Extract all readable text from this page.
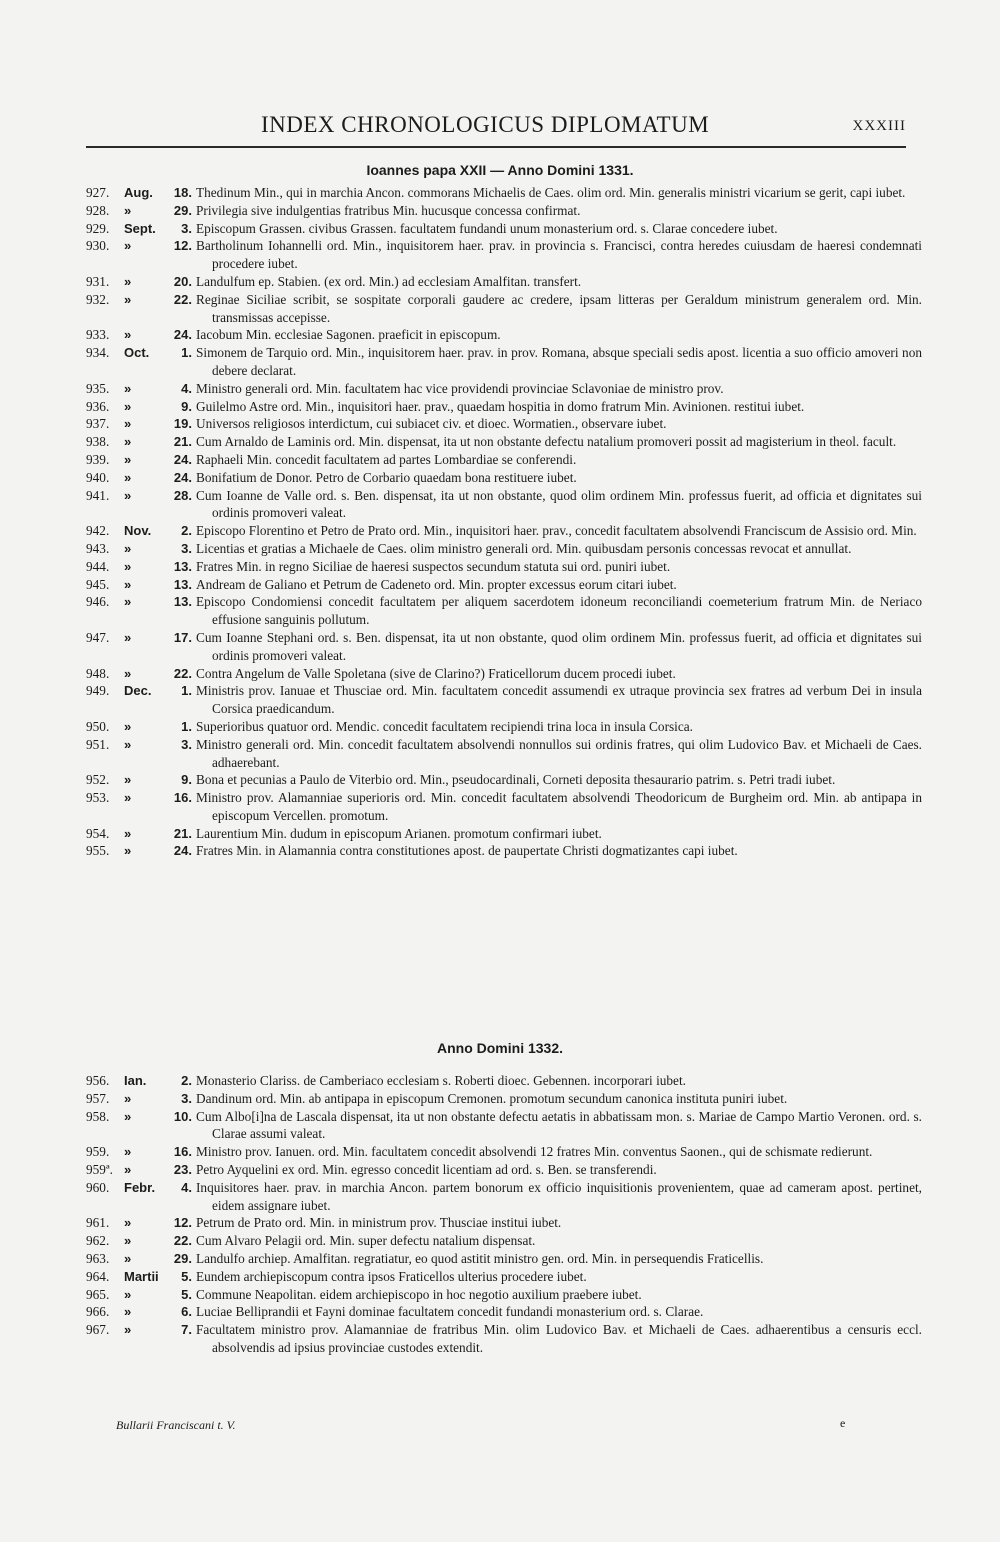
INDEX CHRONOLOGICUS DIPLOMATUM	XXXIII
Ioannes papa XXII — Anno Domini 1331.
927.	Aug.	18. Thedinum Min., qui in marchia Ancon. commorans Michaelis de Caes. olim ord. Min. generalis ministri vicarium se gerit, capi iubet.
928.	»	29. Privilegia sive indulgentias fratribus Min. hucusque concessa confirmat.
929.	Sept.	3. Episcopum Grassen. civibus Grassen. facultatem fundandi unum monasterium ord. s. Clarae concedere iubet.
930.	»	12. Bartholinum Iohannelli ord. Min., inquisitorem haer. prav. in provincia s. Francisci, contra heredes cuiusdam de haeresi condemnati procedere iubet.
931.	»	20. Landulfum ep. Stabien. (ex ord. Min.) ad ecclesiam Amalfitan. transfert.
932.	»	22. Reginae Siciliae scribit, se sospitate corporali gaudere ac credere, ipsam litteras per Geraldum ministrum generalem ord. Min. transmissas accepisse.
933.	»	24. Iacobum Min. ecclesiae Sagonen. praeficit in episcopum.
934.	Oct.	1. Simonem de Tarquio ord. Min., inquisitorem haer. prav. in prov. Romana, absque speciali sedis apost. licentia a suo officio amoveri non debere declarat.
935.	»	4. Ministro generali ord. Min. facultatem hac vice providendi provinciae Sclavoniae de ministro prov.
936.	»	9. Guilelmo Astre ord. Min., inquisitori haer. prav., quaedam hospitia in domo fratrum Min. Avinionen. restitui iubet.
937.	»	19. Universos religiosos interdictum, cui subiacet civ. et dioec. Wormatien., observare iubet.
938.	»	21. Cum Arnaldo de Laminis ord. Min. dispensat, ita ut non obstante defectu natalium promoveri possit ad magisterium in theol. facult.
939.	»	24. Raphaeli Min. concedit facultatem ad partes Lombardiae se conferendi.
940.	»	24. Bonifatium de Donor. Petro de Corbario quaedam bona restituere iubet.
941.	»	28. Cum Ioanne de Valle ord. s. Ben. dispensat, ita ut non obstante, quod olim ordinem Min. professus fuerit, ad officia et dignitates sui ordinis promoveri valeat.
942.	Nov.	2. Episcopo Florentino et Petro de Prato ord. Min., inquisitori haer. prav., concedit facultatem absolvendi Franciscum de Assisio ord. Min.
943.	»	3. Licentias et gratias a Michaele de Caes. olim ministro generali ord. Min. quibusdam personis concessas revocat et annullat.
944.	»	13. Fratres Min. in regno Siciliae de haeresi suspectos secundum statuta sui ord. puniri iubet.
945.	»	13. Andream de Galiano et Petrum de Cadeneto ord. Min. propter excessus eorum citari iubet.
946.	»	13. Episcopo Condomiensi concedit facultatem per aliquem sacerdotem idoneum reconciliandi coemeterium fratrum Min. de Neriaco effusione sanguinis pollutum.
947.	»	17. Cum Ioanne Stephani ord. s. Ben. dispensat, ita ut non obstante, quod olim ordinem Min. professus fuerit, ad officia et dignitates sui ordinis promoveri valeat.
948.	»	22. Contra Angelum de Valle Spoletana (sive de Clarino?) Fraticellorum ducem procedi iubet.
949.	Dec.	1. Ministris prov. Ianuae et Thusciae ord. Min. facultatem concedit assumendi ex utraque provincia sex fratres ad verbum Dei in insula Corsica praedicandum.
950.	»	1. Superioribus quatuor ord. Mendic. concedit facultatem recipiendi trina loca in insula Corsica.
951.	»	3. Ministro generali ord. Min. concedit facultatem absolvendi nonnullos sui ordinis fratres, qui olim Ludovico Bav. et Michaeli de Caes. adhaerebant.
952.	»	9. Bona et pecunias a Paulo de Viterbio ord. Min., pseudocardinali, Corneti deposita thesaurario patrim. s. Petri tradi iubet.
953.	»	16. Ministro prov. Alamanniae superioris ord. Min. concedit facultatem absolvendi Theodoricum de Burgheim ord. Min. ab antipapa in episcopum Vercellen. promotum.
954.	»	21. Laurentium Min. dudum in episcopum Arianen. promotum confirmari iubet.
955.	»	24. Fratres Min. in Alamannia contra constitutiones apost. de paupertate Christi dogmatizantes capi iubet.
Anno Domini 1332.
956.	Ian.	2. Monasterio Clariss. de Camberiaco ecclesiam s. Roberti dioec. Gebennen. incorporari iubet.
957.	»	3. Dandinum ord. Min. ab antipapa in episcopum Cremonen. promotum secundum canonica instituta puniri iubet.
958.	»	10. Cum Albo[i]na de Lascala dispensat, ita ut non obstante defectu aetatis in abbatissam mon. s. Mariae de Campo Martio Veronen. ord. s. Clarae assumi valeat.
959.	»	16. Ministro prov. Ianuen. ord. Min. facultatem concedit absolvendi 12 fratres Min. conventus Saonen., qui de schismate redierunt.
959ª. »	23. Petro Ayquelini ex ord. Min. egresso concedit licentiam ad ord. s. Ben. se transferendi.
960.	Febr.	4. Inquisitores haer. prav. in marchia Ancon. partem bonorum ex officio inquisitionis provenientem, quae ad cameram apost. pertinet, eidem assignare iubet.
961.	»	12. Petrum de Prato ord. Min. in ministrum prov. Thusciae institui iubet.
962.	»	22. Cum Alvaro Pelagii ord. Min. super defectu natalium dispensat.
963.	»	29. Landulfo archiep. Amalfitan. regratiatur, eo quod astitit ministro gen. ord. Min. in persequendis Fraticellis.
964.	Martii	5. Eundem archiepiscopum contra ipsos Fraticellos ulterius procedere iubet.
965.	»	5. Commune Neapolitan. eidem archiepiscopo in hoc negotio auxilium praebere iubet.
966.	»	6. Luciae Belliprandii et Fayni dominae facultatem concedit fundandi monasterium ord. s. Clarae.
967.	»	7. Facultatem ministro prov. Alamanniae de fratribus Min. olim Ludovico Bav. et Michaeli de Caes. adhaerentibus a censuris eccl. absolvendis ad ipsius provinciae custodes extendit.
Bullarii Franciscani t. V.	e
